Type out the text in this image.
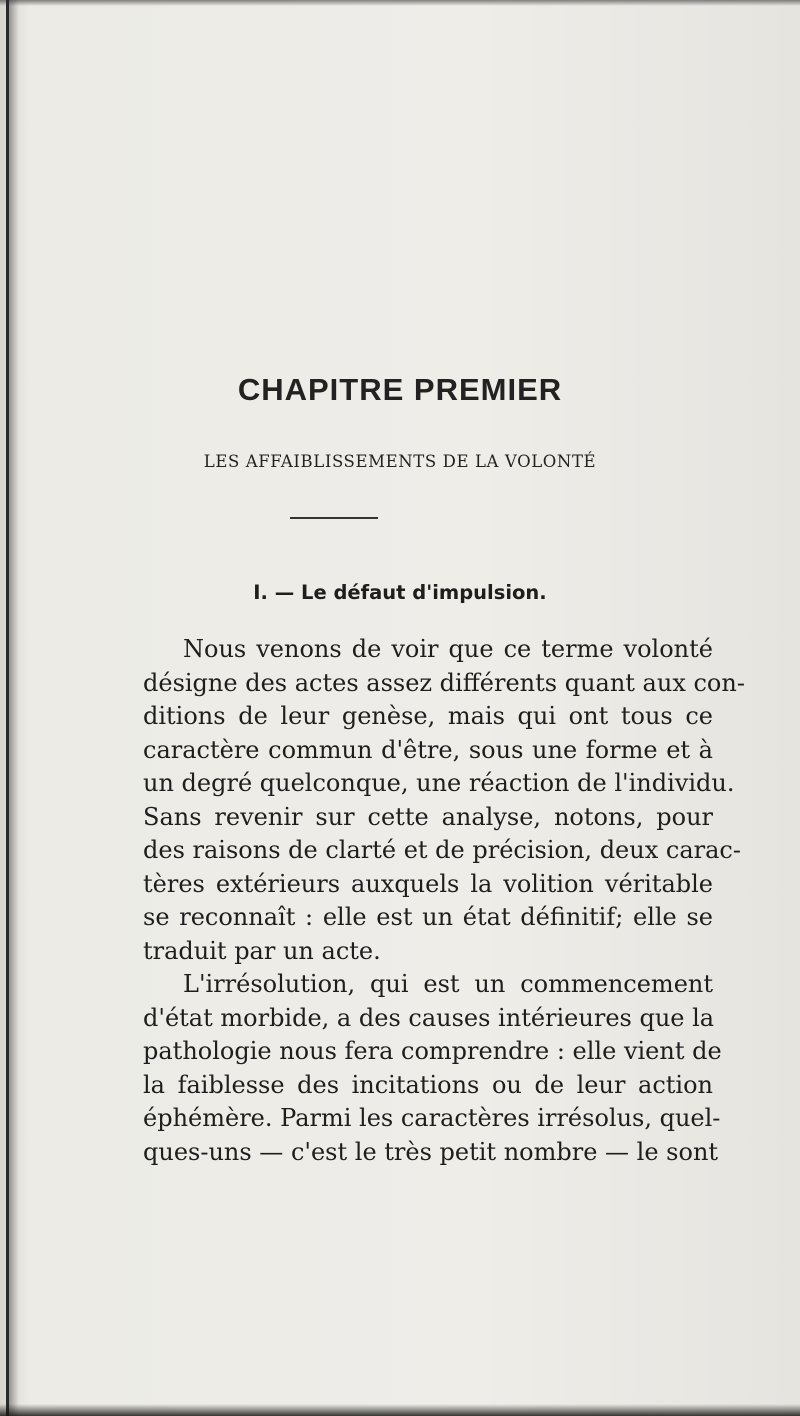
CHAPITRE PREMIER
LES AFFAIBLISSEMENTS DE LA VOLONTÉ
I. — Le défaut d'impulsion.
Nous venons de voir que ce terme volonté
désigne des actes assez différents quant aux con-
ditions de leur genèse, mais qui ont tous ce
caractère commun d'être, sous une forme et à
un degré quelconque, une réaction de l'individu.
Sans revenir sur cette analyse, notons, pour
des raisons de clarté et de précision, deux carac-
tères extérieurs auxquels la volition véritable
se reconnaît : elle est un état définitif; elle se
traduit par un acte.
L'irrésolution, qui est un commencement
d'état morbide, a des causes intérieures que la
pathologie nous fera comprendre : elle vient de
la faiblesse des incitations ou de leur action
éphémère. Parmi les caractères irrésolus, quel-
ques-uns — c'est le très petit nombre — le sont
